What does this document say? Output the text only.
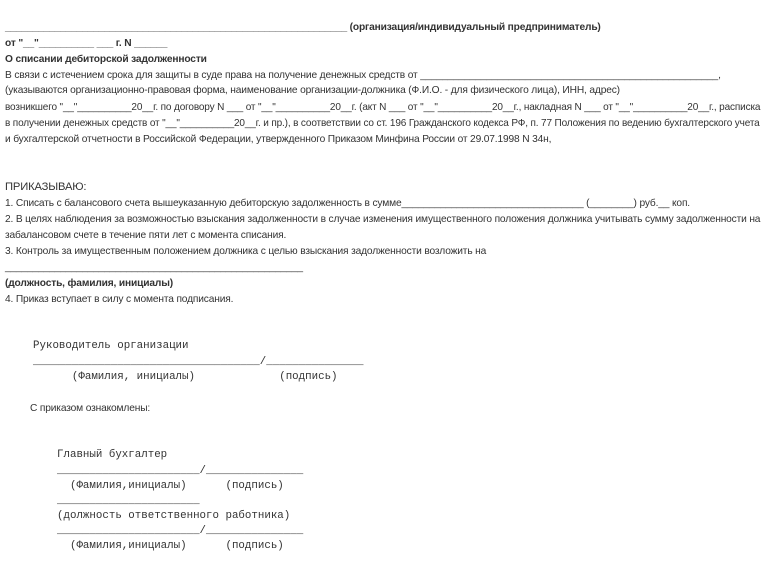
______________________________________________________________ (организация/индивидуальный предприниматель)
от "__"__________ ___ г. N ______
О списании дебиторской задолженности
В связи с истечением срока для защиты в суде права на получение денежных средств от ______________________________________________________,
(указываются организационно-правовая форма, наименование организации-должника (Ф.И.О. - для физического лица), ИНН, адрес)
возникшего "__"__________20__г. по договору N ___ от "__"__________20__г. (акт N ___ от "__"__________20__г., накладная N ___ от "__"__________20__г., расписка
в получении денежных средств от "__"__________20__г. и пр.), в соответствии со ст. 196 Гражданского кодекса РФ, п. 77 Положения по ведению бухгалтерского учета
и бухгалтерской отчетности в Российской Федерации, утвержденного Приказом Минфина России от 29.07.1998 N 34н,
ПРИКАЗЫВАЮ:
1. Списать с балансового счета вышеуказанную дебиторскую задолженность в сумме_________________________________ (________) руб.__ коп.
2. В целях наблюдения за возможностью взыскания задолженности в случае изменения имущественного положения должника учитывать сумму задолженности на
забалансовом счете в течение пяти лет с момента списания.
3. Контроль за имущественным положением должника с целью взыскания задолженности возложить на
______________________________________________________
(должность, фамилия, инициалы)
4. Приказ вступает в силу с момента подписания.
Руководитель организации
___________________________________/_______________
(Фамилия, инициалы)             (подпись)
С приказом ознакомлены:
Главный бухгалтер
______________________/_______________
(Фамилия,инициалы)      (подпись)
______________________
(должность ответственного работника)
______________________/_______________
(Фамилия,инициалы)      (подпись)
